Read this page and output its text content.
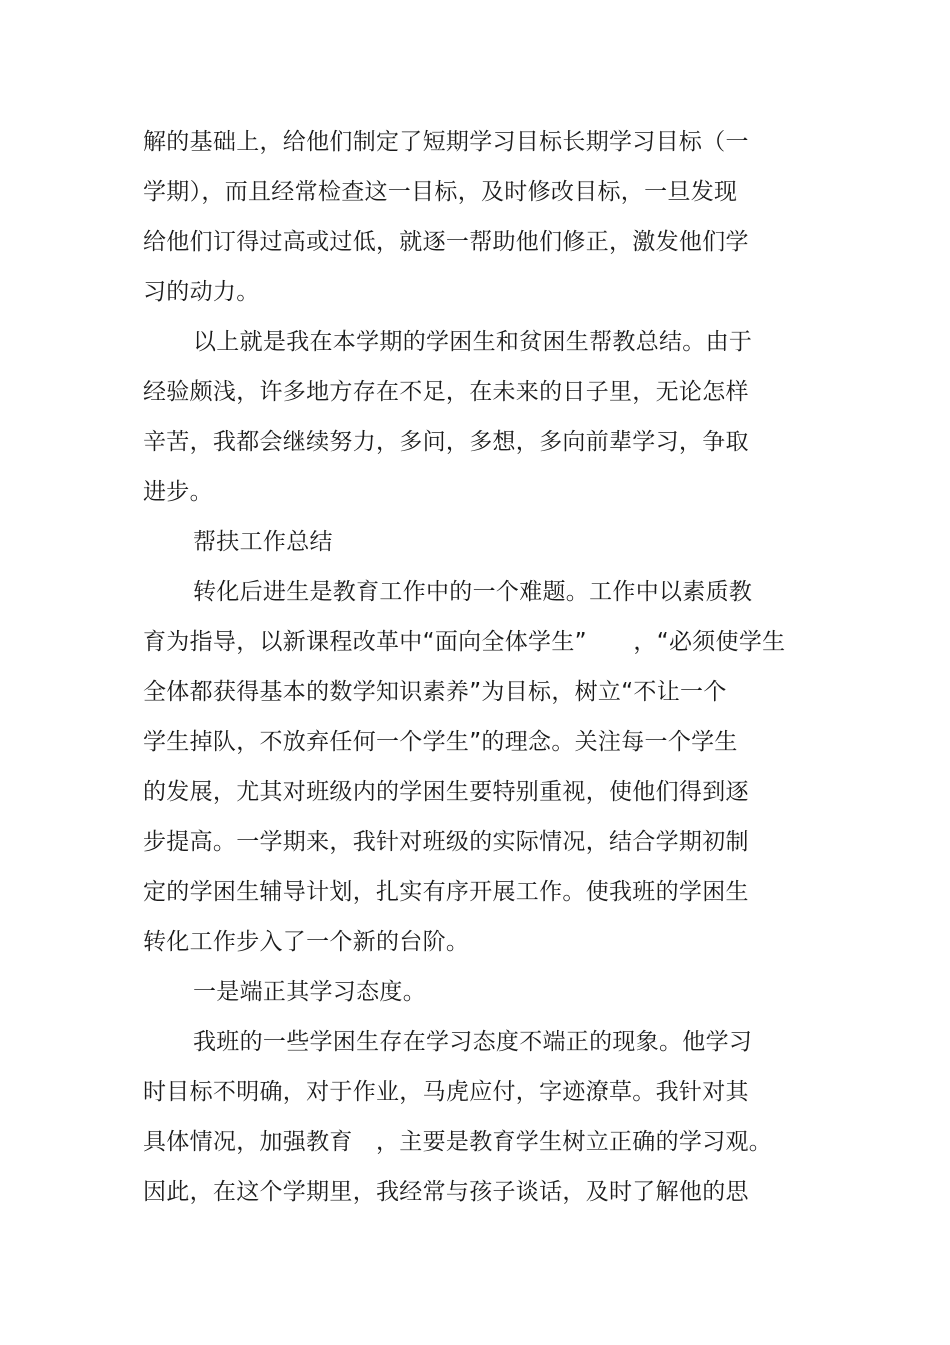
解的基础上，给他们制定了短期学习目标长期学习目标（一
学期），而且经常检查这一目标，及时修改目标，一旦发现
给他们订得过高或过低，就逐一帮助他们修正，激发他们学
习的动力。
以上就是我在本学期的学困生和贫困生帮教总结。由于
经验颇浅，许多地方存在不足，在未来的日子里，无论怎样
辛苦，我都会继续努力，多问，多想，多向前辈学习，争取
进步。
帮扶工作总结
转化后进生是教育工作中的一个难题。工作中以素质教
育为指导，以新课程改革中“面向全体学生”　　，“必须使学生
全体都获得基本的数学知识素养”为目标，树立“不让一个
学生掉队，不放弃任何一个学生”的理念。关注每一个学生
的发展，尤其对班级内的学困生要特别重视，使他们得到逐
步提高。一学期来，我针对班级的实际情况，结合学期初制
定的学困生辅导计划，扎实有序开展工作。使我班的学困生
转化工作步入了一个新的台阶。
一是端正其学习态度。
我班的一些学困生存在学习态度不端正的现象。他学习
时目标不明确，对于作业，马虎应付，字迹潦草。我针对其
具体情况，加强教育　，主要是教育学生树立正确的学习观。
因此，在这个学期里，我经常与孩子谈话，及时了解他的思
